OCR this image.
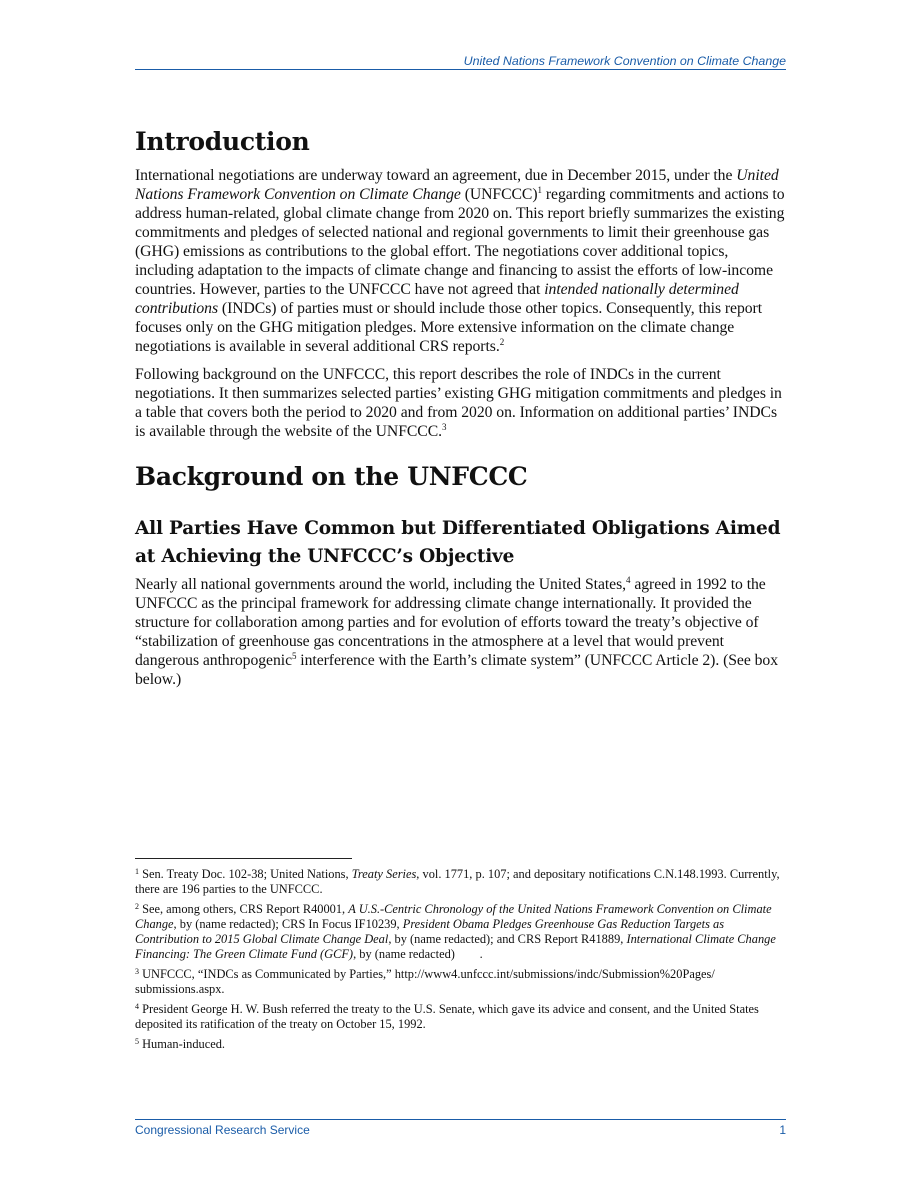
United Nations Framework Convention on Climate Change
Introduction

International negotiations are underway toward an agreement, due in December 2015, under the United Nations Framework Convention on Climate Change (UNFCCC)$^1$ regarding commitments and actions to address human-related, global climate change from 2020 on. This report briefly summarizes the existing commitments and pledges of selected national and regional governments to limit their greenhouse gas (GHG) emissions as contributions to the global effort. The negotiations cover additional topics, including adaptation to the impacts of climate change and financing to assist the efforts of low-income countries. However, parties to the UNFCCC have not agreed that intended nationally determined contributions (INDCs) of parties must or should include those other topics. Consequently, this report focuses only on the GHG mitigation pledges. More extensive information on the climate change negotiations is available in several additional CRS reports.$^2$

Following background on the UNFCCC, this report describes the role of INDCs in the current negotiations. It then summarizes selected parties’ existing GHG mitigation commitments and pledges in a table that covers both the period to 2020 and from 2020 on. Information on additional parties’ INDCs is available through the website of the UNFCCC.$^3$

Background on the UNFCCC
All Parties Have Common but Differentiated Obligations Aimed at Achieving the UNFCCC’s Objective

Nearly all national governments around the world, including the United States,$^4$ agreed in 1992 to the UNFCCC as the principal framework for addressing climate change internationally. It provided the structure for collaboration among parties and for evolution of efforts toward the treaty’s objective of “stabilization of greenhouse gas concentrations in the atmosphere at a level that would prevent dangerous anthropogenic$^5$ interference with the Earth’s climate system” (UNFCCC Article 2). (See box below.)

$^1$ Sen. Treaty Doc. 102-38; United Nations, Treaty Series, vol. 1771, p. 107; and depositary notifications C.N.148.1993. Currently, there are 196 parties to the UNFCCC.

$^2$ See, among others, CRS Report R40001, A U.S.-Centric Chronology of the United Nations Framework Convention on Climate Change, by (name redacted); CRS In Focus IF10239, President Obama Pledges Greenhouse Gas Reduction Targets as Contribution to 2015 Global Climate Change Deal, by (name redacted); and CRS Report R41889, International Climate Change Financing: The Green Climate Fund (GCF), by (name redacted)        .

$^3$ UNFCCC, “INDCs as Communicated by Parties,” http://www4.unfccc.int/submissions/indc/Submission%20Pages/ submissions.aspx.

$^4$ President George H. W. Bush referred the treaty to the U.S. Senate, which gave its advice and consent, and the United States deposited its ratification of the treaty on October 15, 1992.

$^5$ Human-induced.

Congressional Research Service	1
